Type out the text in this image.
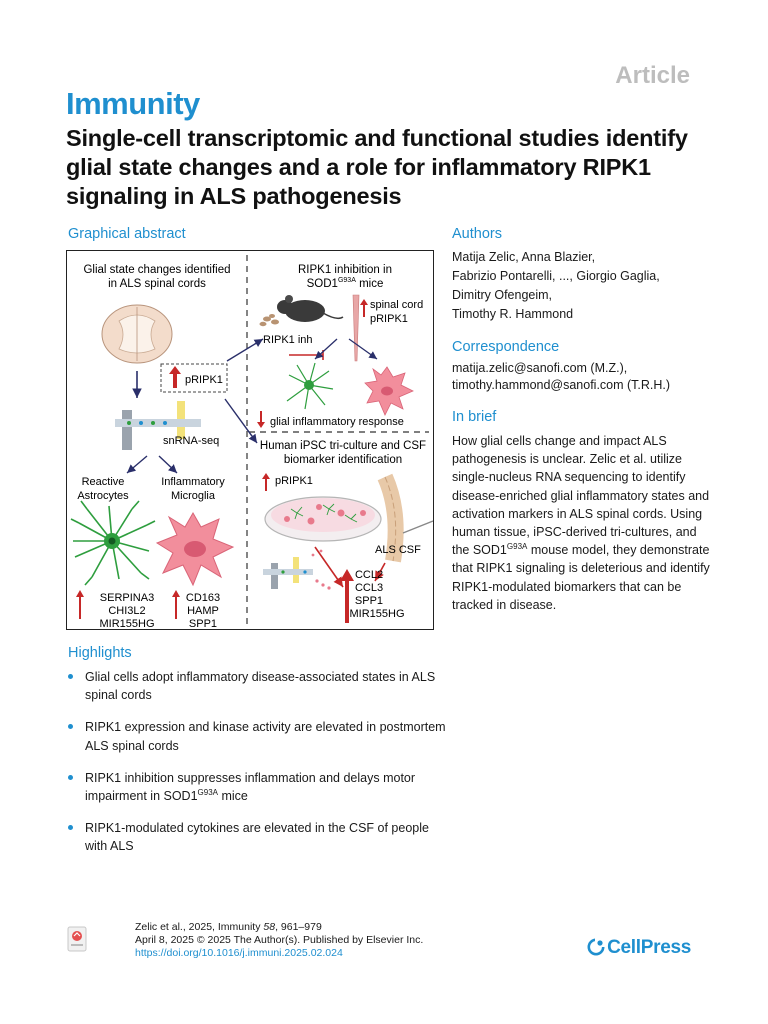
Article
Immunity
Single-cell transcriptomic and functional studies identify glial state changes and a role for inflammatory RIPK1 signaling in ALS pathogenesis
Graphical abstract
Glial state changes identified
in ALS spinal cords
pRIPK1
snRNA-seq
Reactive
Astrocytes
Inflammatory
Microglia
SERPINA3
CHI3L2
MIR155HG
CD163
HAMP
SPP1
RIPK1 inhibition in
$SOD1^{G93A}$ mice
spinal cord
pRIPK1
RIPK1 inh
glial inflammatory response
Human iPSC tri-culture and CSF
biomarker identification
pRIPK1
ALS CSF
CCL2
CCL3
SPP1
MIR155HG
Authors
Matija Zelic, Anna Blazier,
Fabrizio Pontarelli, ..., Giorgio Gaglia,
Dimitry Ofengeim,
Timothy R. Hammond
Correspondence
matija.zelic@sanofi.com (M.Z.),
timothy.hammond@sanofi.com (T.R.H.)
In brief
How glial cells change and impact ALS pathogenesis is unclear. Zelic et al. utilize single-nucleus RNA sequencing to identify disease-enriched glial inflammatory states and activation markers in ALS spinal cords. Using human tissue, iPSC-derived tri-cultures, and the $SOD1^{G93A}$ mouse model, they demonstrate that RIPK1 signaling is deleterious and identify RIPK1-modulated biomarkers that can be tracked in disease.
Highlights
Glial cells adopt inflammatory disease-associated states in ALS spinal cords
RIPK1 expression and kinase activity are elevated in postmortem ALS spinal cords
RIPK1 inhibition suppresses inflammation and delays motor impairment in $SOD1^{G93A}$ mice
RIPK1-modulated cytokines are elevated in the CSF of people with ALS
Zelic et al., 2025, Immunity 58, 961–979
April 8, 2025 © 2025 The Author(s). Published by Elsevier Inc.
https://doi.org/10.1016/j.immuni.2025.02.024	CellPress
